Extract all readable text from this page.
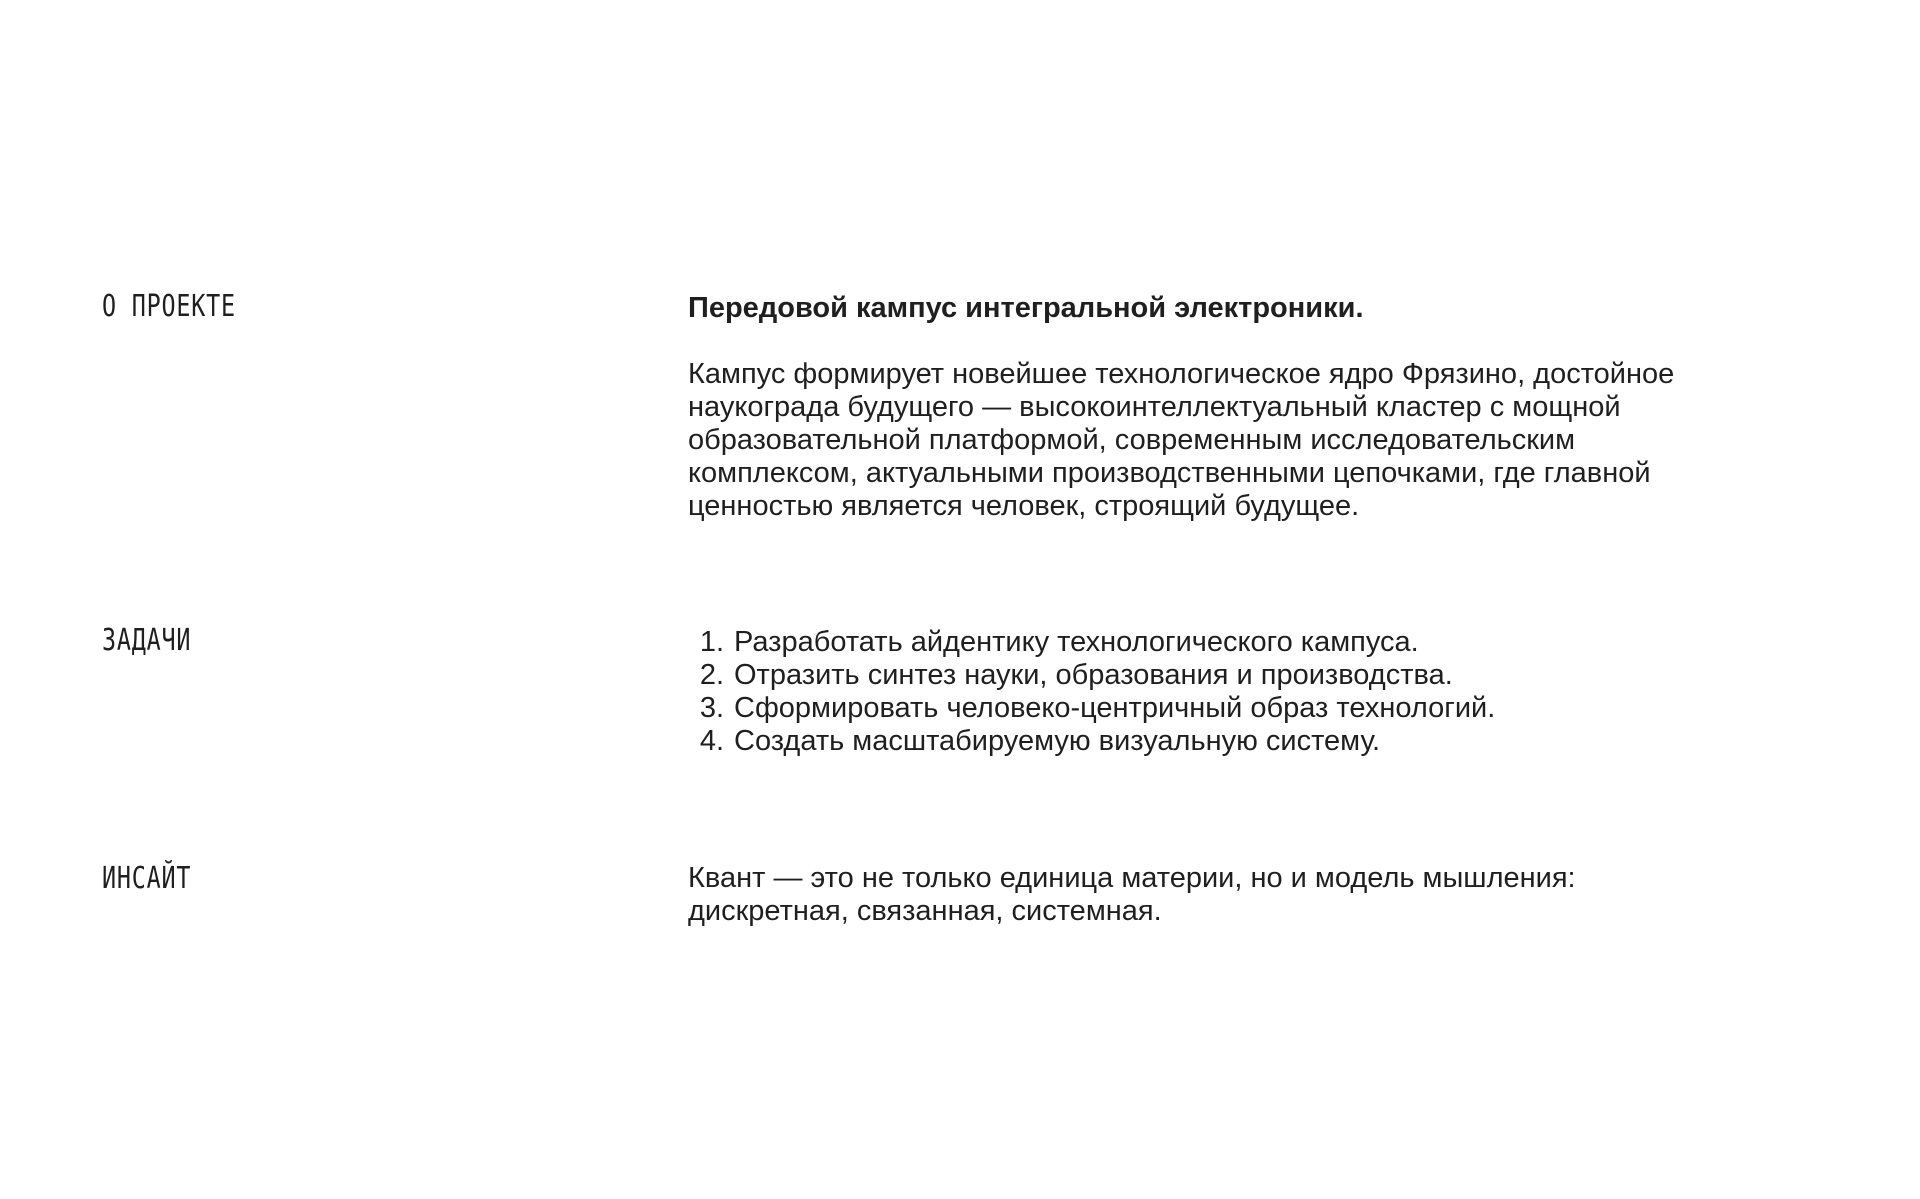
О ПРОЕКТЕ	Передовой кампус интегральной электроники.

Кампус формирует новейшее технологическое ядро Фрязино, достойное
наукограда будущего — высокоинтеллектуальный кластер с мощной
образовательной платформой, современным исследовательским
комплексом, актуальными производственными цепочками, где главной
ценностью является человек, строящий будущее.

ЗАДАЧИ	1. Разработать айдентику технологического кампуса.
2. Отразить синтез науки, образования и производства.
3. Сформировать человеко-центричный образ технологий.
4. Создать масштабируемую визуальную систему.
ИНСАЙТ	Квант — это не только единица материи, но и модель мышления:
дискретная, связанная, системная.
